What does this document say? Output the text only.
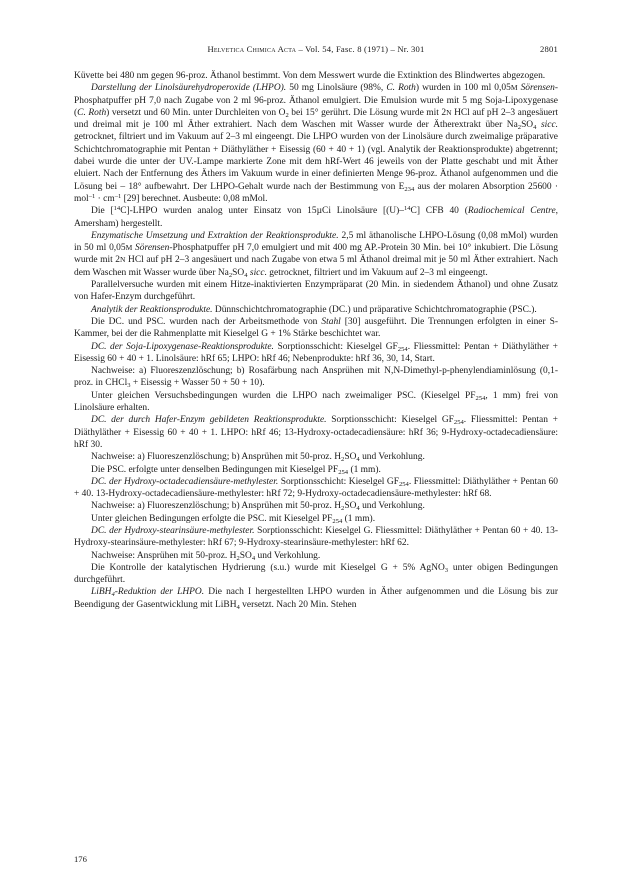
Helvetica Chimica Acta – Vol. 54, Fasc. 8 (1971) – Nr. 301	2801

Küvette bei 480 nm gegen 96-proz. Äthanol bestimmt. Von dem Messwert wurde die Extinktion des Blindwertes abgezogen.

Darstellung der Linolsäurehydroperoxide (LHPO). 50 mg Linolsäure (98%, C. Roth) wurden in 100 ml 0,05M Sörensen-Phosphatpuffer pH 7,0 nach Zugabe von 2 ml 96-proz. Äthanol emulgiert. Die Emulsion wurde mit 5 mg Soja-Lipoxygenase (C. Roth) versetzt und 60 Min. unter Durchleiten von $O_2$ bei 15° gerührt. Die Lösung wurde mit 2N HCl auf pH 2–3 angesäuert und dreimal mit je 100 ml Äther extrahiert. Nach dem Waschen mit Wasser wurde der Ätherextrakt über $Na_2SO_4$ sicc. getrocknet, filtriert und im Vakuum auf 2–3 ml eingeengt. Die LHPO wurden von der Linolsäure durch zweimalige präparative Schichtchromatographie mit Pentan + Diäthyläther + Eisessig (60 + 40 + 1) (vgl. Analytik der Reaktionsprodukte) abgetrennt; dabei wurde die unter der UV.-Lampe markierte Zone mit dem hRf-Wert 46 jeweils von der Platte geschabt und mit Äther eluiert. Nach der Entfernung des Äthers im Vakuum wurde in einer definierten Menge 96-proz. Äthanol aufgenommen und die Lösung bei – 18° aufbewahrt. Der LHPO-Gehalt wurde nach der Bestimmung von $E_{234}$ aus der molaren Absorption $25600 \cdot mol^{-1} \cdot cm^{-1}$ [29] berechnet. Ausbeute: 0,08 mMol.

Die [$^{14}$C]-LHPO wurden analog unter Einsatz von 15µCi Linolsäure [(U)–$^{14}$C] CFB 40 (Radiochemical Centre, Amersham) hergestellt.

Enzymatische Umsetzung und Extraktion der Reaktionsprodukte. 2,5 ml äthanolische LHPO-Lösung (0,08 mMol) wurden in 50 ml 0,05M Sörensen-Phosphatpuffer pH 7,0 emulgiert und mit 400 mg AP.-Protein 30 Min. bei 10° inkubiert. Die Lösung wurde mit 2N HCl auf pH 2–3 angesäuert und nach Zugabe von etwa 5 ml Äthanol dreimal mit je 50 ml Äther extrahiert. Nach dem Waschen mit Wasser wurde über $Na_2SO_4$ sicc. getrocknet, filtriert und im Vakuum auf 2–3 ml eingeengt.

Parallelversuche wurden mit einem Hitze-inaktivierten Enzympräparat (20 Min. in siedendem Äthanol) und ohne Zusatz von Hafer-Enzym durchgeführt.

Analytik der Reaktionsprodukte. Dünnschichtchromatographie (DC.) und präparative Schichtchromatographie (PSC.).

Die DC. und PSC. wurden nach der Arbeitsmethode von Stahl [30] ausgeführt. Die Trennungen erfolgten in einer S-Kammer, bei der die Rahmenplatte mit Kieselgel G + 1% Stärke beschichtet war.

DC. der Soja-Lipoxygenase-Reaktionsprodukte. Sorptionsschicht: Kieselgel $GF_{254}$. Fliessmittel: Pentan + Diäthyläther + Eisessig 60 + 40 + 1. Linolsäure: hRf 65; LHPO: hRf 46; Nebenprodukte: hRf 36, 30, 14, Start.

Nachweise: a) Fluoreszenzlöschung; b) Rosafärbung nach Ansprühen mit N,N-Dimethyl-p-phenylendiaminlösung (0,1-proz. in CHCl$_3$ + Eisessig + Wasser 50 + 50 + 10).

Unter gleichen Versuchsbedingungen wurden die LHPO nach zweimaliger PSC. (Kieselgel $PF_{254}$, 1 mm) frei von Linolsäure erhalten.

DC. der durch Hafer-Enzym gebildeten Reaktionsprodukte. Sorptionsschicht: Kieselgel $GF_{254}$. Fliessmittel: Pentan + Diäthyläther + Eisessig 60 + 40 + 1. LHPO: hRf 46; 13-Hydroxy-octadecadiensäure: hRf 36; 9-Hydroxy-octadecadiensäure: hRf 30.

Nachweise: a) Fluoreszenzlöschung; b) Ansprühen mit 50-proz. $H_2SO_4$ und Verkohlung.

Die PSC. erfolgte unter denselben Bedingungen mit Kieselgel $PF_{254}$ (1 mm).

DC. der Hydroxy-octadecadiensäure-methylester. Sorptionsschicht: Kieselgel $GF_{254}$. Fliessmittel: Diäthyläther + Pentan 60 + 40. 13-Hydroxy-octadecadiensäure-methylester: hRf 72; 9-Hydroxy-octadecadiensäure-methylester: hRf 68.

Nachweise: a) Fluoreszenzlöschung; b) Ansprühen mit 50-proz. $H_2SO_4$ und Verkohlung.

Unter gleichen Bedingungen erfolgte die PSC. mit Kieselgel $PF_{254}$ (1 mm).

DC. der Hydroxy-stearinsäure-methylester. Sorptionsschicht: Kieselgel G. Fliessmittel: Diäthyläther + Pentan 60 + 40. 13-Hydroxy-stearinsäure-methylester: hRf 67; 9-Hydroxy-stearinsäure-methylester: hRf 62.

Nachweise: Ansprühen mit 50-proz. $H_2SO_4$ und Verkohlung.

Die Kontrolle der katalytischen Hydrierung (s.u.) wurde mit Kieselgel G + 5% AgNO$_3$ unter obigen Bedingungen durchgeführt.

LiBH$_4$-Reduktion der LHPO. Die nach I hergestellten LHPO wurden in Äther aufgenommen und die Lösung bis zur Beendigung der Gasentwicklung mit LiBH$_4$ versetzt. Nach 20 Min. Stehen

176
